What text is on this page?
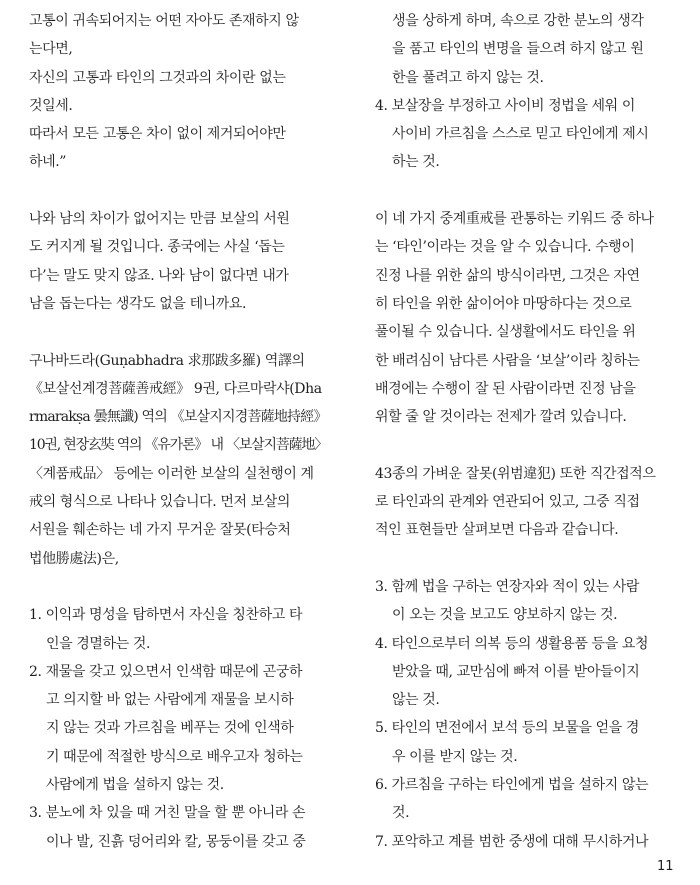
고통이 귀속되어지는 어떤 자아도 존재하지 않
는다면,
자신의 고통과 타인의 그것과의 차이란 없는
것일세.
따라서 모든 고통은 차이 없이 제거되어야만
하네.”
나와 남의 차이가 없어지는 만큼 보살의 서원
도 커지게 될 것입니다. 종국에는 사실 ‘돕는
다’는 말도 맞지 않죠. 나와 남이 없다면 내가
남을 돕는다는 생각도 없을 테니까요.
구나바드라(Guṇabhadra 求那跋多羅) 역譯의
《보살선계경菩薩善戒經》 9권, 다르마락샤(Dha
rmarakṣa 曇無讖) 역의 《보살지지경菩薩地持經》
10권, 현장玄奘 역의 《유가론》 내 〈보살지菩薩地〉
〈계품戒品〉 등에는 이러한 보살의 실천행이 계
戒의 형식으로 나타나 있습니다. 먼저 보살의
서원을 훼손하는 네 가지 무거운 잘못(타승처
법他勝處法)은,
1. 이익과 명성을 탐하면서 자신을 칭찬하고 타
인을 경멸하는 것.
2. 재물을 갖고 있으면서 인색함 때문에 곤궁하
고 의지할 바 없는 사람에게 재물을 보시하
지 않는 것과 가르침을 베푸는 것에 인색하
기 때문에 적절한 방식으로 배우고자 청하는
사람에게 법을 설하지 않는 것.
3. 분노에 차 있을 때 거친 말을 할 뿐 아니라 손
이나 발, 진흙 덩어리와 칼, 몽둥이를 갖고 중
생을 상하게 하며, 속으로 강한 분노의 생각
을 품고 타인의 변명을 들으려 하지 않고 원
한을 풀려고 하지 않는 것.
4. 보살장을 부정하고 사이비 정법을 세워 이
사이비 가르침을 스스로 믿고 타인에게 제시
하는 것.
이 네 가지 중계重戒를 관통하는 키워드 중 하나
는 ‘타인’이라는 것을 알 수 있습니다. 수행이
진정 나를 위한 삶의 방식이라면, 그것은 자연
히 타인을 위한 삶이어야 마땅하다는 것으로
풀이될 수 있습니다. 실생활에서도 타인을 위
한 배려심이 남다른 사람을 ‘보살’이라 칭하는
배경에는 수행이 잘 된 사람이라면 진정 남을
위할 줄 알 것이라는 전제가 깔려 있습니다.
43종의 가벼운 잘못(위범違犯) 또한 직간접적으
로 타인과의 관계와 연관되어 있고, 그중 직접
적인 표현들만 살펴보면 다음과 같습니다.
3. 함께 법을 구하는 연장자와 적이 있는 사람
이 오는 것을 보고도 양보하지 않는 것.
4. 타인으로부터 의복 등의 생활용품 등을 요청
받았을 때, 교만심에 빠져 이를 받아들이지
않는 것.
5. 타인의 면전에서 보석 등의 보물을 얻을 경
우 이를 받지 않는 것.
6. 가르침을 구하는 타인에게 법을 설하지 않는
것.
7. 포악하고 계를 범한 중생에 대해 무시하거나
11
